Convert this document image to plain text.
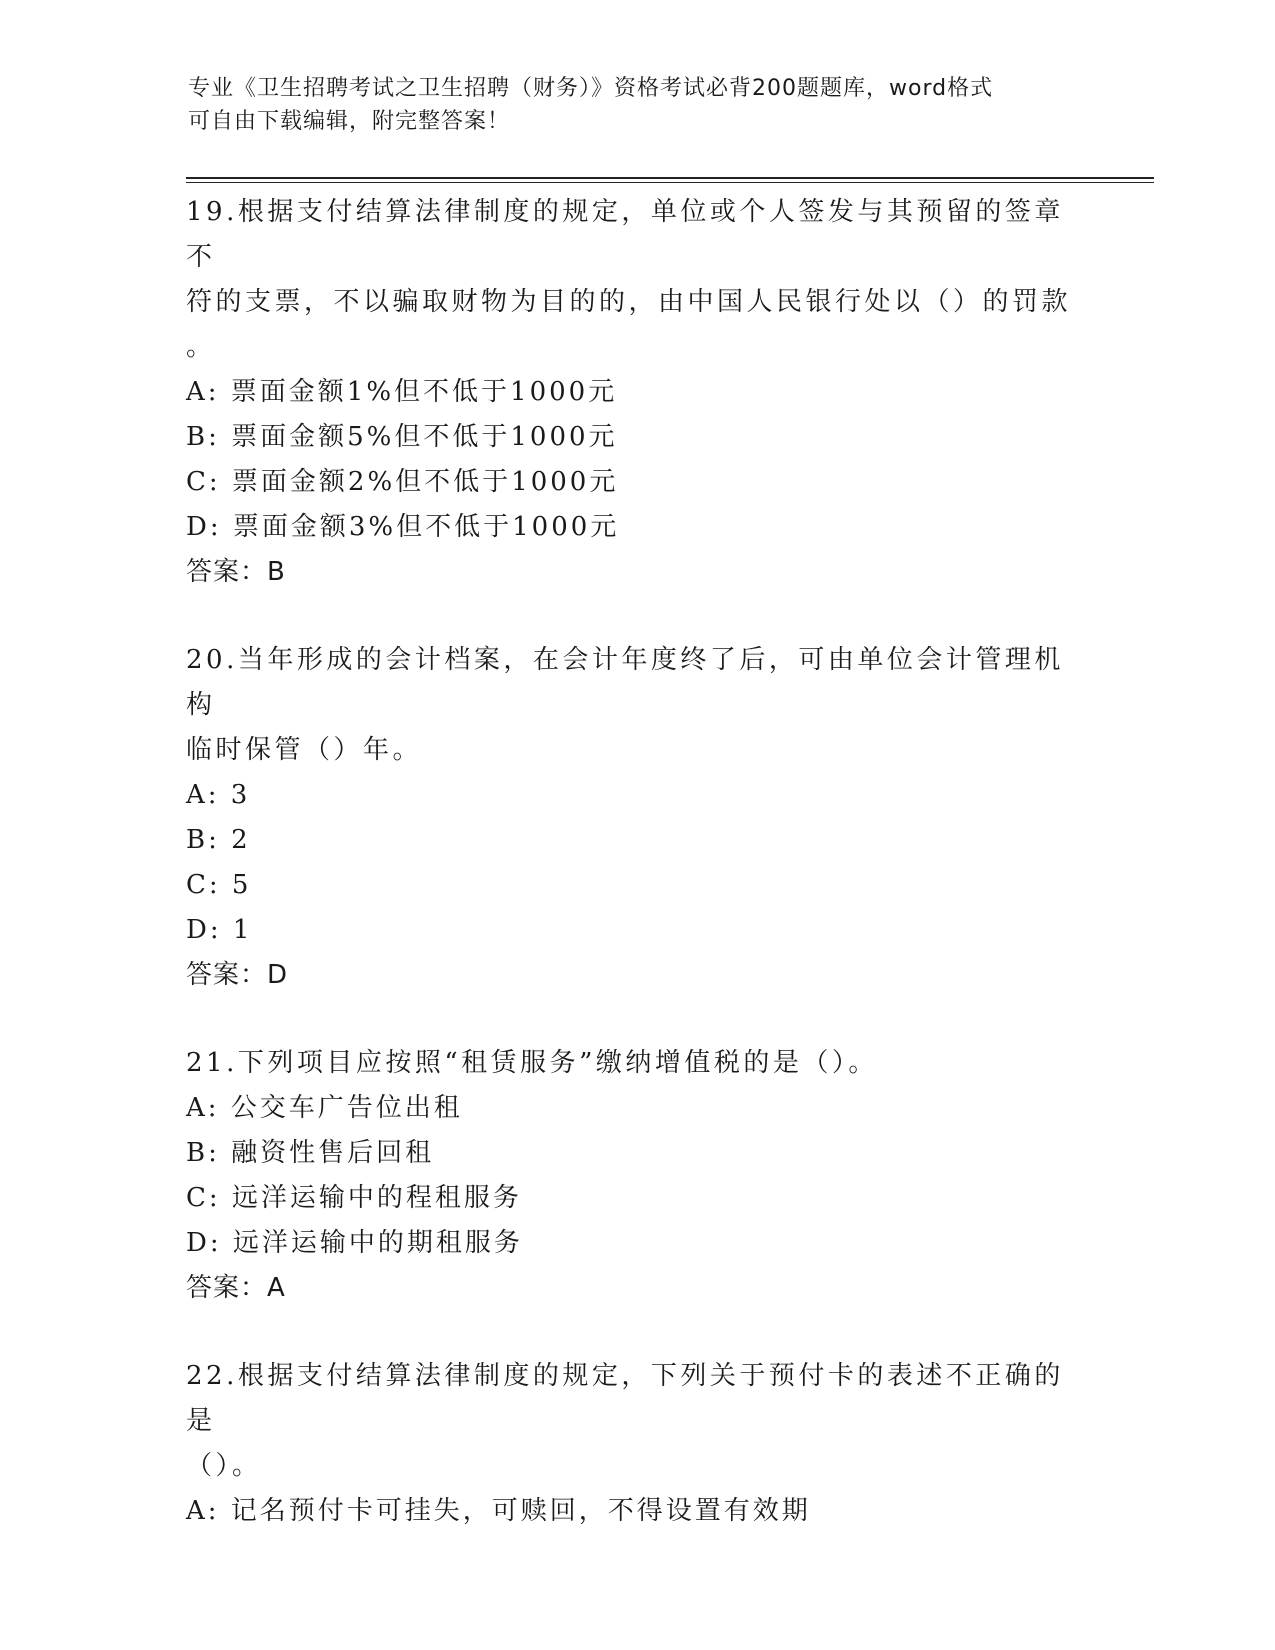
专业《卫生招聘考试之卫生招聘（财务）》资格考试必背200题题库，word格式
可自由下载编辑，附完整答案！
19.根据支付结算法律制度的规定，单位或个人签发与其预留的签章不
符的支票，不以骗取财物为目的的，由中国人民银行处以（）的罚款
。
A: 票面金额1%但不低于1000元
B: 票面金额5%但不低于1000元
C: 票面金额2%但不低于1000元
D: 票面金额3%但不低于1000元
答案：B
20.当年形成的会计档案，在会计年度终了后，可由单位会计管理机构
临时保管（）年。
A: 3
B: 2
C: 5
D: 1
答案：D
21.下列项目应按照“租赁服务”缴纳增值税的是（）。
A: 公交车广告位出租
B: 融资性售后回租
C: 远洋运输中的程租服务
D: 远洋运输中的期租服务
答案：A
22.根据支付结算法律制度的规定，下列关于预付卡的表述不正确的是
（）。
A: 记名预付卡可挂失，可赎回，不得设置有效期
